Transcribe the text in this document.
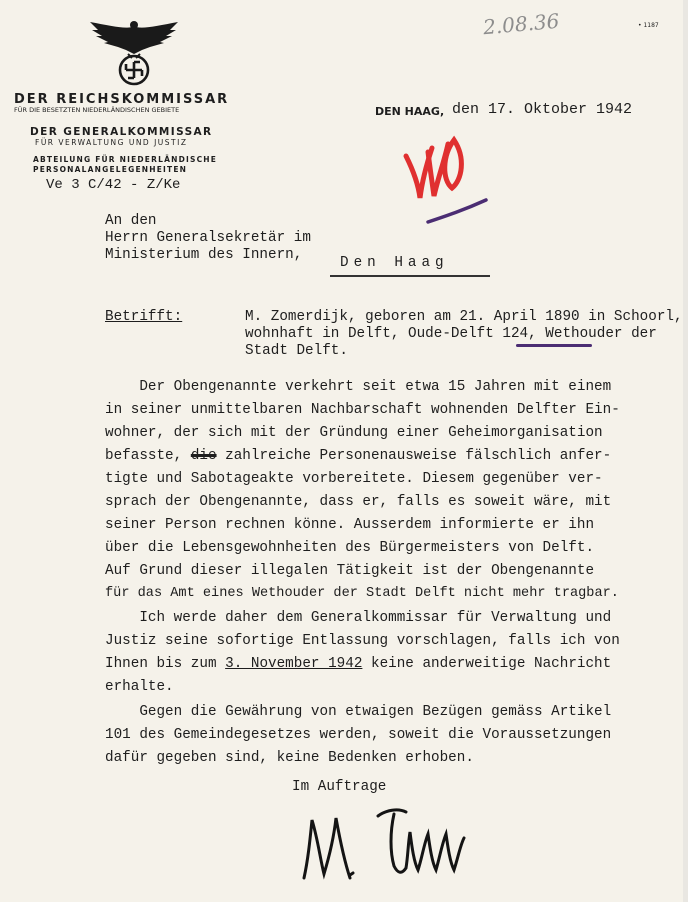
DER REICHSKOMMISSAR
FÜR DIE BESETZTEN NIEDERLÄNDISCHEN GEBIETE
DER GENERALKOMMISSAR
FÜR VERWALTUNG UND JUSTIZ
ABTEILUNG FÜR NIEDERLÄNDISCHE
PERSONALANGELEGENHEITEN
Ve 3 C/42 - Z/Ke
2.08.36	• 1187
DEN HAAG, den 17. Oktober 1942
An den
Herrn Generalsekretär im
Ministerium des Innern,	Den Haag
Betrifft:	M. Zomerdijk, geboren am 21. April 1890 in Schoorl,
wohnhaft in Delft, Oude-Delft 124, Wethouder der
Stadt Delft.
Der Obengenannte verkehrt seit etwa 15 Jahren mit einem
in seiner unmittelbaren Nachbarschaft wohnenden Delfter Ein-
wohner, der sich mit der Gründung einer Geheimorganisation
befasste, die zahlreiche Personenausweise fälschlich anfer-
tigte und Sabotageakte vorbereitete. Diesem gegenüber ver-
sprach der Obengenannte, dass er, falls es soweit wäre, mit
seiner Person rechnen könne. Ausserdem informierte er ihn
über die Lebensgewohnheiten des Bürgermeisters von Delft.
Auf Grund dieser illegalen Tätigkeit ist der Obengenannte
für das Amt eines Wethouder der Stadt Delft nicht mehr tragbar.
Ich werde daher dem Generalkommissar für Verwaltung und
Justiz seine sofortige Entlassung vorschlagen, falls ich von
Ihnen bis zum 3. November 1942 keine anderweitige Nachricht
erhalte.
Gegen die Gewährung von etwaigen Bezügen gemäss Artikel
101 des Gemeindegesetzes werden, soweit die Voraussetzungen
dafür gegeben sind, keine Bedenken erhoben.
Im Auftrage
